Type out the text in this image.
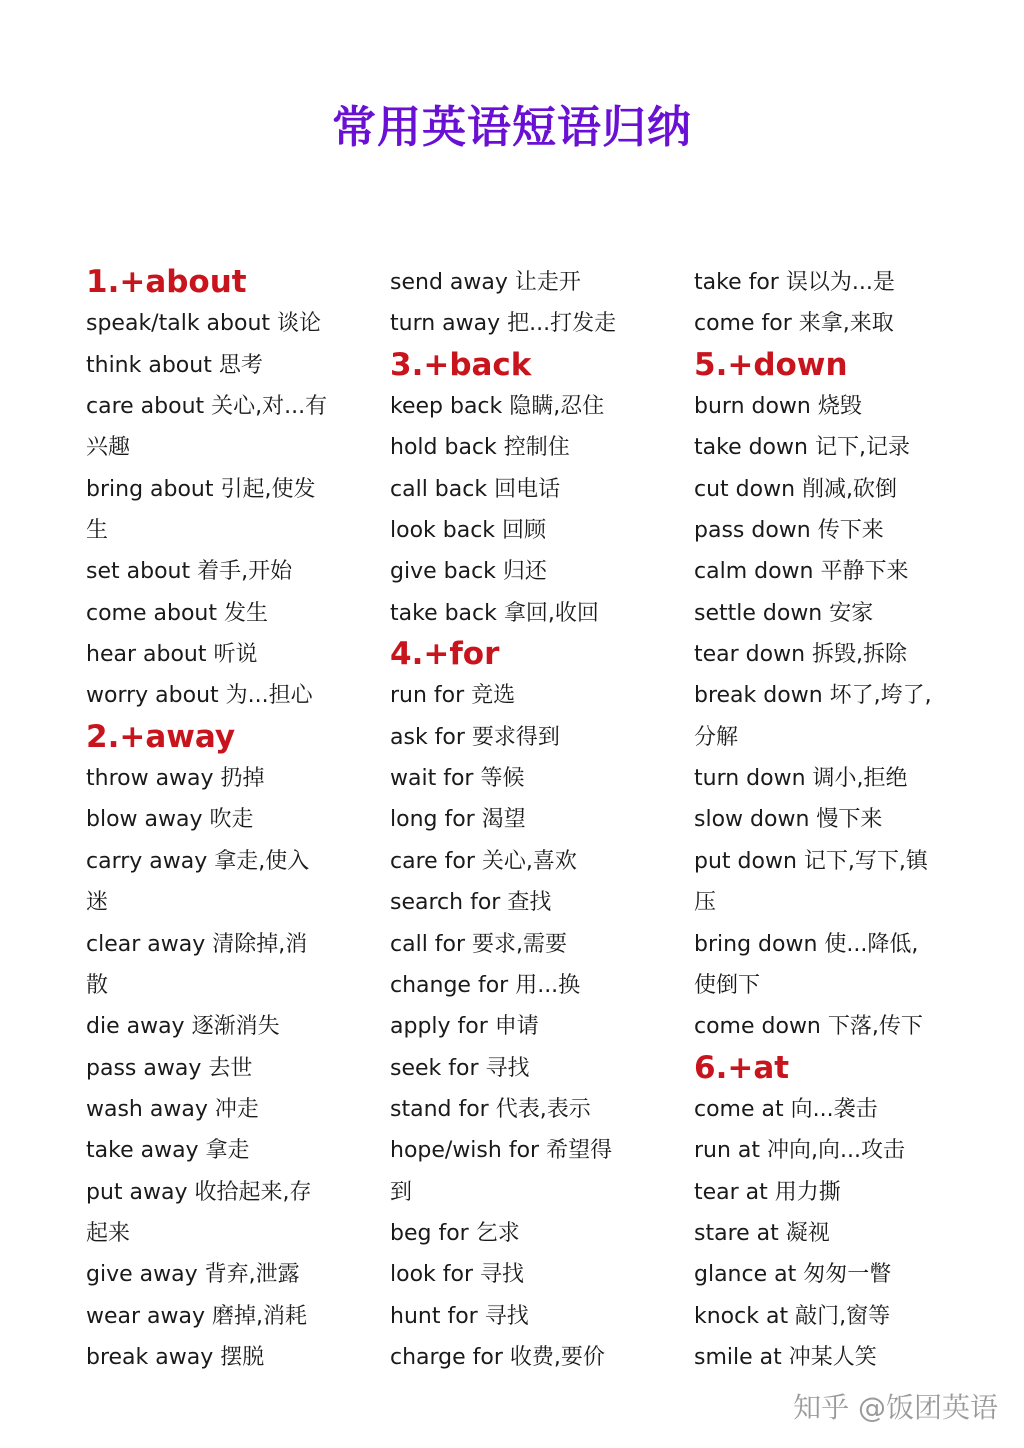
常用英语短语归纳
1.+about
speak/talk about 谈论
think about 思考
care about 关心,对...有
兴趣
bring about 引起,使发
生
set about 着手,开始
come about 发生
hear about 听说
worry about 为...担心
2.+away
throw away 扔掉
blow away 吹走
carry away 拿走,使入
迷
clear away 清除掉,消
散
die away 逐渐消失
pass away 去世
wash away 冲走
take away 拿走
put away 收拾起来,存
起来
give away 背弃,泄露
wear away 磨掉,消耗
break away 摆脱
send away 让走开
turn away 把...打发走
3.+back
keep back 隐瞒,忍住
hold back 控制住
call back 回电话
look back 回顾
give back 归还
take back 拿回,收回
4.+for
run for 竞选
ask for 要求得到
wait for 等候
long for 渴望
care for 关心,喜欢
search for 查找
call for 要求,需要
change for 用...换
apply for 申请
seek for 寻找
stand for 代表,表示
hope/wish for 希望得
到
beg for 乞求
look for 寻找
hunt for 寻找
charge for 收费,要价
take for 误以为...是
come for 来拿,来取
5.+down
burn down 烧毁
take down 记下,记录
cut down 削减,砍倒
pass down 传下来
calm down 平静下来
settle down 安家
tear down 拆毁,拆除
break down 坏了,垮了,
分解
turn down 调小,拒绝
slow down 慢下来
put down 记下,写下,镇
压
bring down 使...降低,
使倒下
come down 下落,传下
6.+at
come at 向...袭击
run at 冲向,向...攻击
tear at 用力撕
stare at 凝视
glance at 匆匆一瞥
knock at 敲门,窗等
smile at 冲某人笑
知乎 @饭团英语
